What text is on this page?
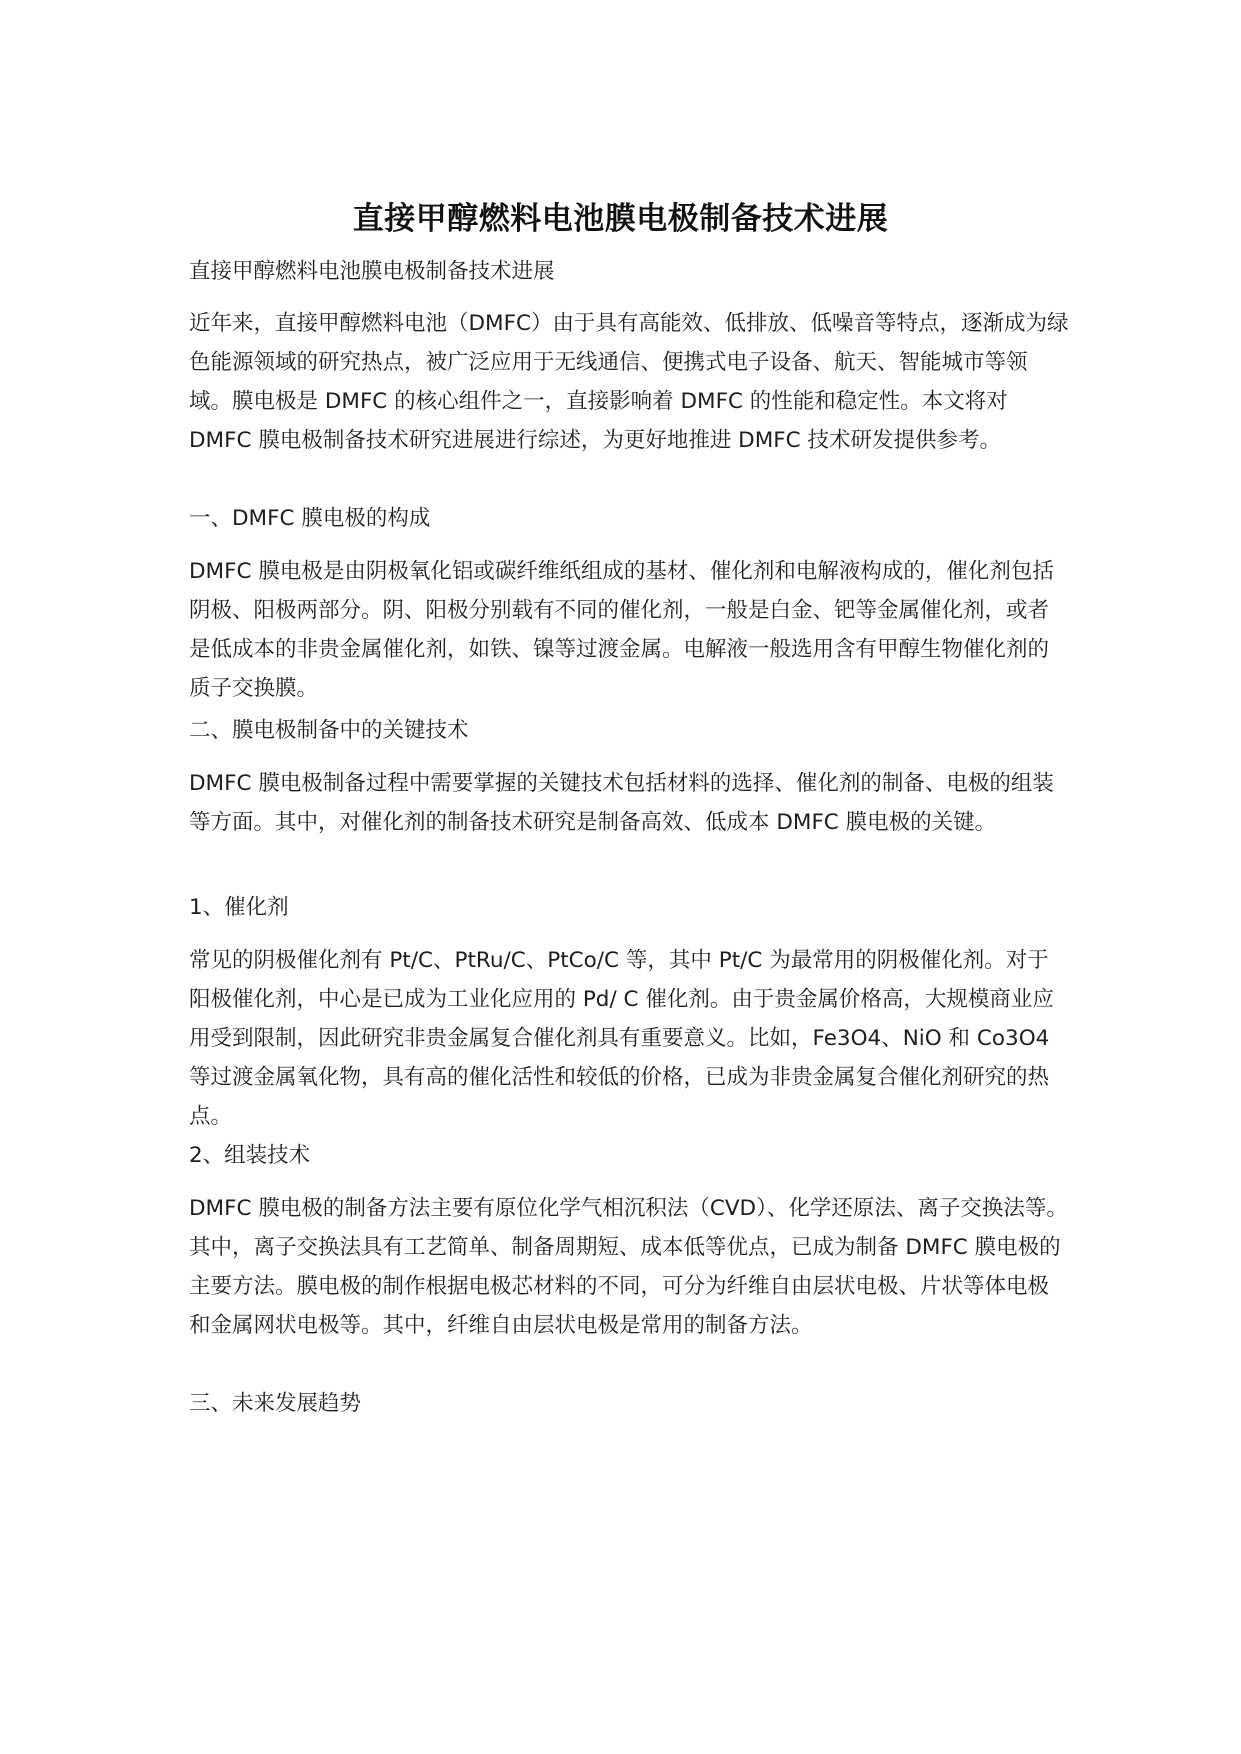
直接甲醇燃料电池膜电极制备技术进展

直接甲醇燃料电池膜电极制备技术进展

近年来，直接甲醇燃料电池（DMFC）由于具有高能效、低排放、低噪音等特点，逐渐成为绿色能源领域的研究热点，被广泛应用于无线通信、便携式电子设备、航天、智能城市等领域。膜电极是 DMFC 的核心组件之一，直接影响着 DMFC 的性能和稳定性。本文将对 DMFC 膜电极制备技术研究进展进行综述，为更好地推进 DMFC 技术研发提供参考。

一、DMFC 膜电极的构成

DMFC 膜电极是由阴极氧化铝或碳纤维纸组成的基材、催化剂和电解液构成的，催化剂包括阴极、阳极两部分。阴、阳极分别载有不同的催化剂，一般是白金、钯等金属催化剂，或者是低成本的非贵金属催化剂，如铁、镍等过渡金属。电解液一般选用含有甲醇生物催化剂的质子交换膜。

二、膜电极制备中的关键技术

DMFC 膜电极制备过程中需要掌握的关键技术包括材料的选择、催化剂的制备、电极的组装等方面。其中，对催化剂的制备技术研究是制备高效、低成本 DMFC 膜电极的关键。

1、催化剂

常见的阴极催化剂有 Pt/C、PtRu/C、PtCo/C 等，其中 Pt/C 为最常用的阴极催化剂。对于阳极催化剂，中心是已成为工业化应用的 Pd/ C 催化剂。由于贵金属价格高，大规模商业应用受到限制，因此研究非贵金属复合催化剂具有重要意义。比如，Fe3O4、NiO 和 Co3O4 等过渡金属氧化物，具有高的催化活性和较低的价格，已成为非贵金属复合催化剂研究的热点。

2、组装技术

DMFC 膜电极的制备方法主要有原位化学气相沉积法（CVD）、化学还原法、离子交换法等。其中，离子交换法具有工艺简单、制备周期短、成本低等优点，已成为制备 DMFC 膜电极的主要方法。膜电极的制作根据电极芯材料的不同，可分为纤维自由层状电极、片状等体电极和金属网状电极等。其中，纤维自由层状电极是常用的制备方法。

三、未来发展趋势
